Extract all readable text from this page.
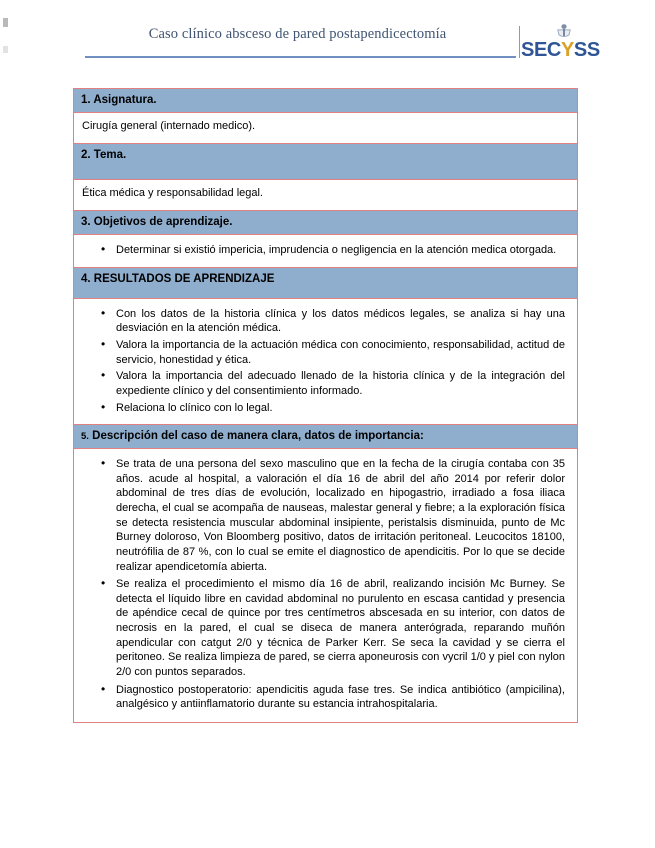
Caso clínico absceso de pared postapendicectomía
SECYSS
1. Asignatura.
Cirugía general (internado medico).
2. Tema.
Ética médica y responsabilidad legal.
3. Objetivos de aprendizaje.

• Determinar si existió impericia, imprudencia o negligencia en la atención medica otorgada.

4. RESULTADOS DE APRENDIZAJE

• Con los datos de la historia clínica y los datos médicos legales, se analiza si hay una desviación en la atención médica.
• Valora la importancia de la actuación médica con conocimiento, responsabilidad, actitud de servicio, honestidad y ética.
• Valora la importancia del adecuado llenado de la historia clínica y de la integración del expediente clínico y del consentimiento informado.
• Relaciona lo clínico con lo legal.

5. Descripción del caso de manera clara, datos de importancia:

• Se trata de una persona del sexo masculino que en la fecha de la cirugía contaba con 35 años. acude al hospital, a valoración el día 16 de abril del año 2014 por referir dolor abdominal de tres días de evolución, localizado en hipogastrio, irradiado a fosa iliaca derecha, el cual se acompaña de nauseas, malestar general y fiebre; a la exploración física se detecta resistencia muscular abdominal insipiente, peristalsis disminuida, punto de Mc Burney doloroso, Von Bloomberg positivo, datos de irritación peritoneal. Leucocitos 18100, neutrófilia de 87 %, con lo cual se emite el diagnostico de apendicitis. Por lo que se decide realizar apendicetomía abierta.
• Se realiza el procedimiento el mismo día 16 de abril, realizando incisión Mc Burney. Se detecta el líquido libre en cavidad abdominal no purulento en escasa cantidad y presencia de apéndice cecal de quince por tres centímetros abscesada en su interior, con datos de necrosis en la pared, el cual se diseca de manera anterógrada, reparando muñón apendicular con catgut 2/0 y técnica de Parker Kerr. Se seca la cavidad y se cierra el peritoneo. Se realiza limpieza de pared, se cierra aponeurosis con vycril 1/0 y piel con nylon 2/0 con puntos separados.
• Diagnostico postoperatorio: apendicitis aguda fase tres. Se indica antibiótico (ampicilina), analgésico y antiinflamatorio durante su estancia intrahospitalaria.
